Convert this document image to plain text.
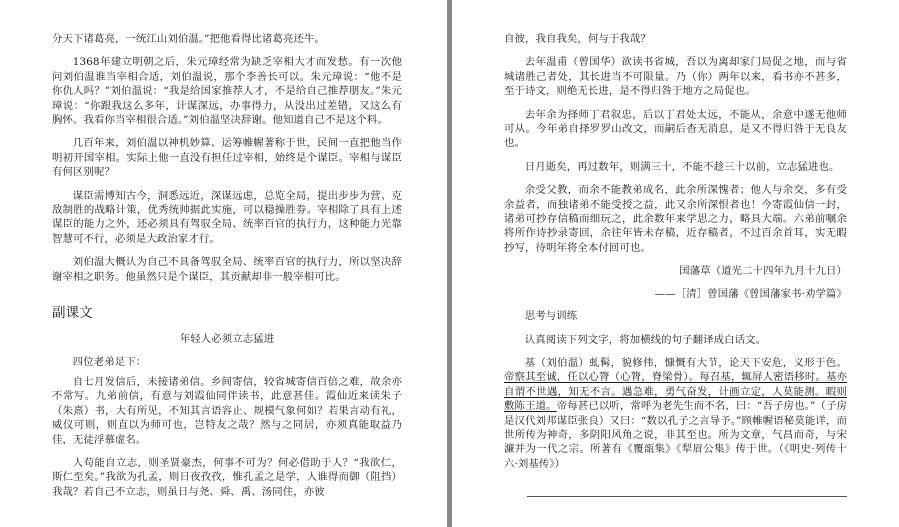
分天下诸葛亮，一统江山刘伯温。”把他看得比诸葛亮还牛。

1368年建立明朝之后，朱元璋经常为缺乏宰相大才而发愁。有一次他问刘伯温谁当宰相合适，刘伯温说，那个李善长可以。朱元璋说：“他不是你仇人吗？”刘伯温说：“我是给国家推荐人才，不是给自己推荐朋友。”朱元璋说：“你跟我这么多年，计谋深远，办事得力，从没出过差错，又这么有胸怀。我看你当宰相很合适。”刘伯温坚决辞谢。他知道自己不是这个料。

几百年来，刘伯温以神机妙算、运筹帷幄著称于世，民间一直把他当作明初开国宰相。实际上他一直没有担任过宰相，始终是个谋臣。宰相与谋臣有何区别呢？

谋臣需博知古今，洞悉远近，深谋远虑，总览全局，提出步步为营、克敌制胜的战略计策，优秀统帅据此实施，可以稳操胜券。宰相除了具有上述谋臣的能力之外，还必须具有驾驭全局、统率百官的执行力，这种能力光靠智慧可不行，必须是大政治家才行。

刘伯温大概认为自己不具备驾驭全局、统率百官的执行力，所以坚决辞谢宰相之职务。他虽然只是个谋臣，其贡献却非一般宰相可比。

副课文
年轻人必须立志猛进

四位老弟足下：

自七月发信后，未接诸弟信。乡间寄信，较省城寄信百倍之难，故余亦不常写。九弟前信，有意与刘霞仙同伴读书，此意甚佳。霞仙近来读朱子（朱熹）书，大有所见，不知其言语容止、规模气象何如？若果言动有礼，威仪可则，则直以为师可也，岂特友之哉？然与之同居，亦须真能取益乃佳，无徒浮慕虚名。

人苟能自立志，则圣贤豪杰，何事不可为？何必借助于人？“我欲仁，斯仁至矣。”我欲为孔孟，则日夜孜孜，惟孔孟之是学，人谁得而御（阻挡）我哉？若自己不立志，则虽日与尧、舜、禹、汤同住，亦彼

自彼，我自我矣，何与于我哉？

去年温甫（曾国华）欲读书省城，吾以为离却家门局促之地，而与省城诸胜己者处，其长进当不可限量。乃（你）两年以来，看书亦不甚多，至于诗文，则绝无长进，是不得归咎于地方之局促也。

去年余为择师丁君叙忠，后以丁君处太远，不能从，余意中遂无他师可从。今年弟自择罗罗山改文，而嗣后杳无消息，是又不得归咎于无良友也。

日月逝矣，再过数年，则满三十，不能不趁三十以前，立志猛进也。

余受父教，而余不能教弟成名，此余所深愧者；他人与余交，多有受余益者，而独诸弟不能受授之益，此又余所深恨者也！今寄霞仙信一封，诸弟可抄存信稿而细玩之，此余数年来学思之力，略具大端。六弟前嘱余将所作诗抄录寄回，余往年皆未存稿，近存稿者，不过百余首耳，实无暇抄写，待明年将全本付回可也。

国藩草（道光二十四年九月十九日）

——［清］曾国藩《曾国藩家书·劝学篇》

思考与训练

认真阅读下列文字，将加横线的句子翻译成白话文。

基（刘伯温）虬髯，貌修伟，慷慨有大节，论天下安危，义形于色。帝察其至诚，任以心膂（心膂，脊梁骨）。每召基，辄屏人密语移时。基亦自谓不世遇，知无不言。遇急难，勇气奋发，计画立定，人莫能测。暇则敷陈王道。帝每甚已以听，常呼为老先生而不名，曰：“吾子房也。”（子房是汉代刘邦谋臣张良）又曰：“数以孔子之言导予。”顾帷幄语秘莫能详，而世所传为神奇，多阴阳风角之说，非其至也。所为文章，气昌而奇，与宋濂并为一代之宗。所著有《覆瓿集》《犁眉公集》传于世。（《明史·列传十六·刘基传》）
